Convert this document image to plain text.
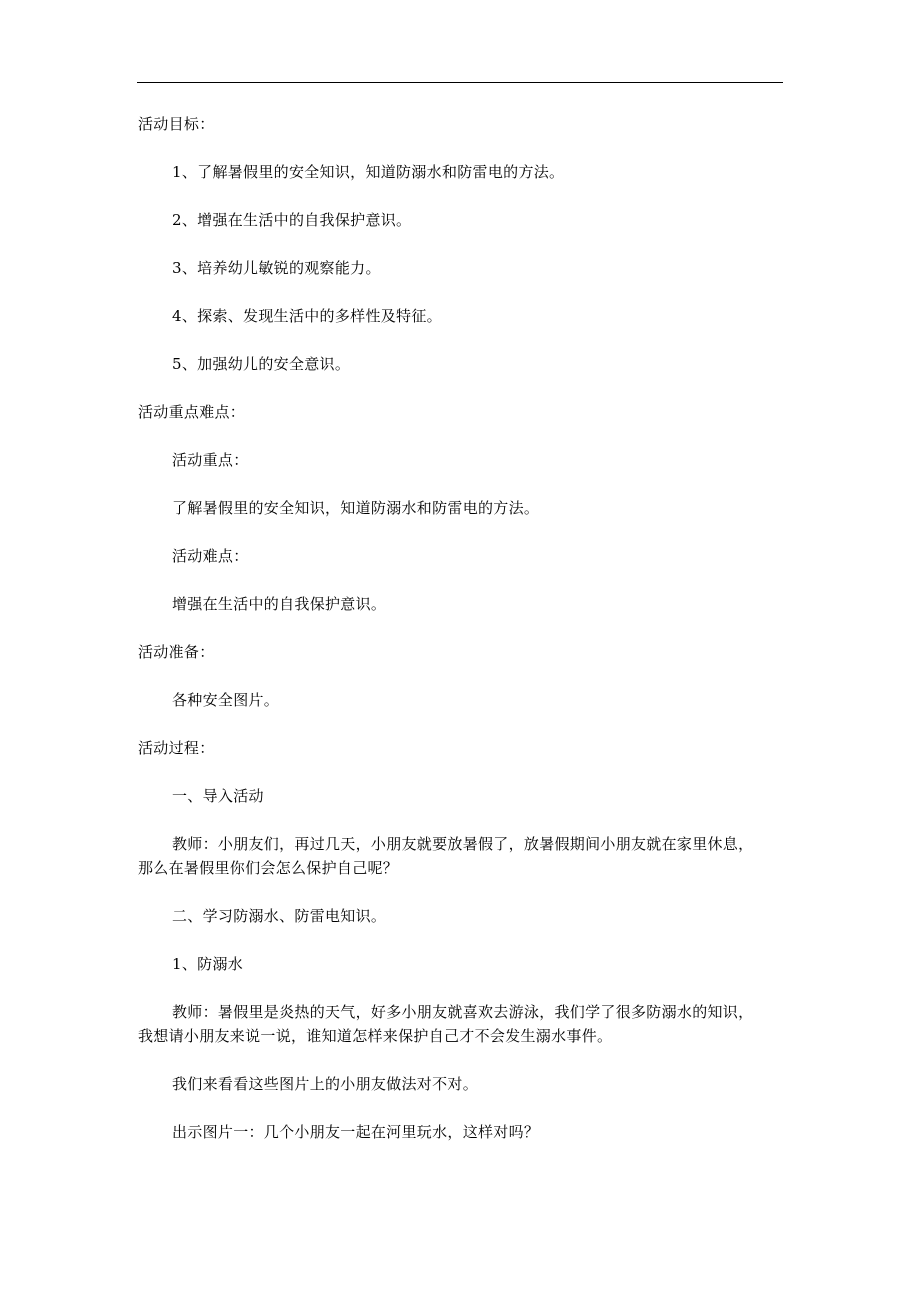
活动目标：
1、了解暑假里的安全知识，知道防溺水和防雷电的方法。
2、增强在生活中的自我保护意识。
3、培养幼儿敏锐的观察能力。
4、探索、发现生活中的多样性及特征。
5、加强幼儿的安全意识。
活动重点难点：
活动重点：
了解暑假里的安全知识，知道防溺水和防雷电的方法。
活动难点：
增强在生活中的自我保护意识。
活动准备：
各种安全图片。
活动过程：
一、导入活动
教师：小朋友们，再过几天，小朋友就要放暑假了，放暑假期间小朋友就在家里休息，
那么在暑假里你们会怎么保护自己呢？
二、学习防溺水、防雷电知识。
1、防溺水
教师：暑假里是炎热的天气，好多小朋友就喜欢去游泳，我们学了很多防溺水的知识，
我想请小朋友来说一说，谁知道怎样来保护自己才不会发生溺水事件。
我们来看看这些图片上的小朋友做法对不对。
出示图片一：几个小朋友一起在河里玩水，这样对吗？
